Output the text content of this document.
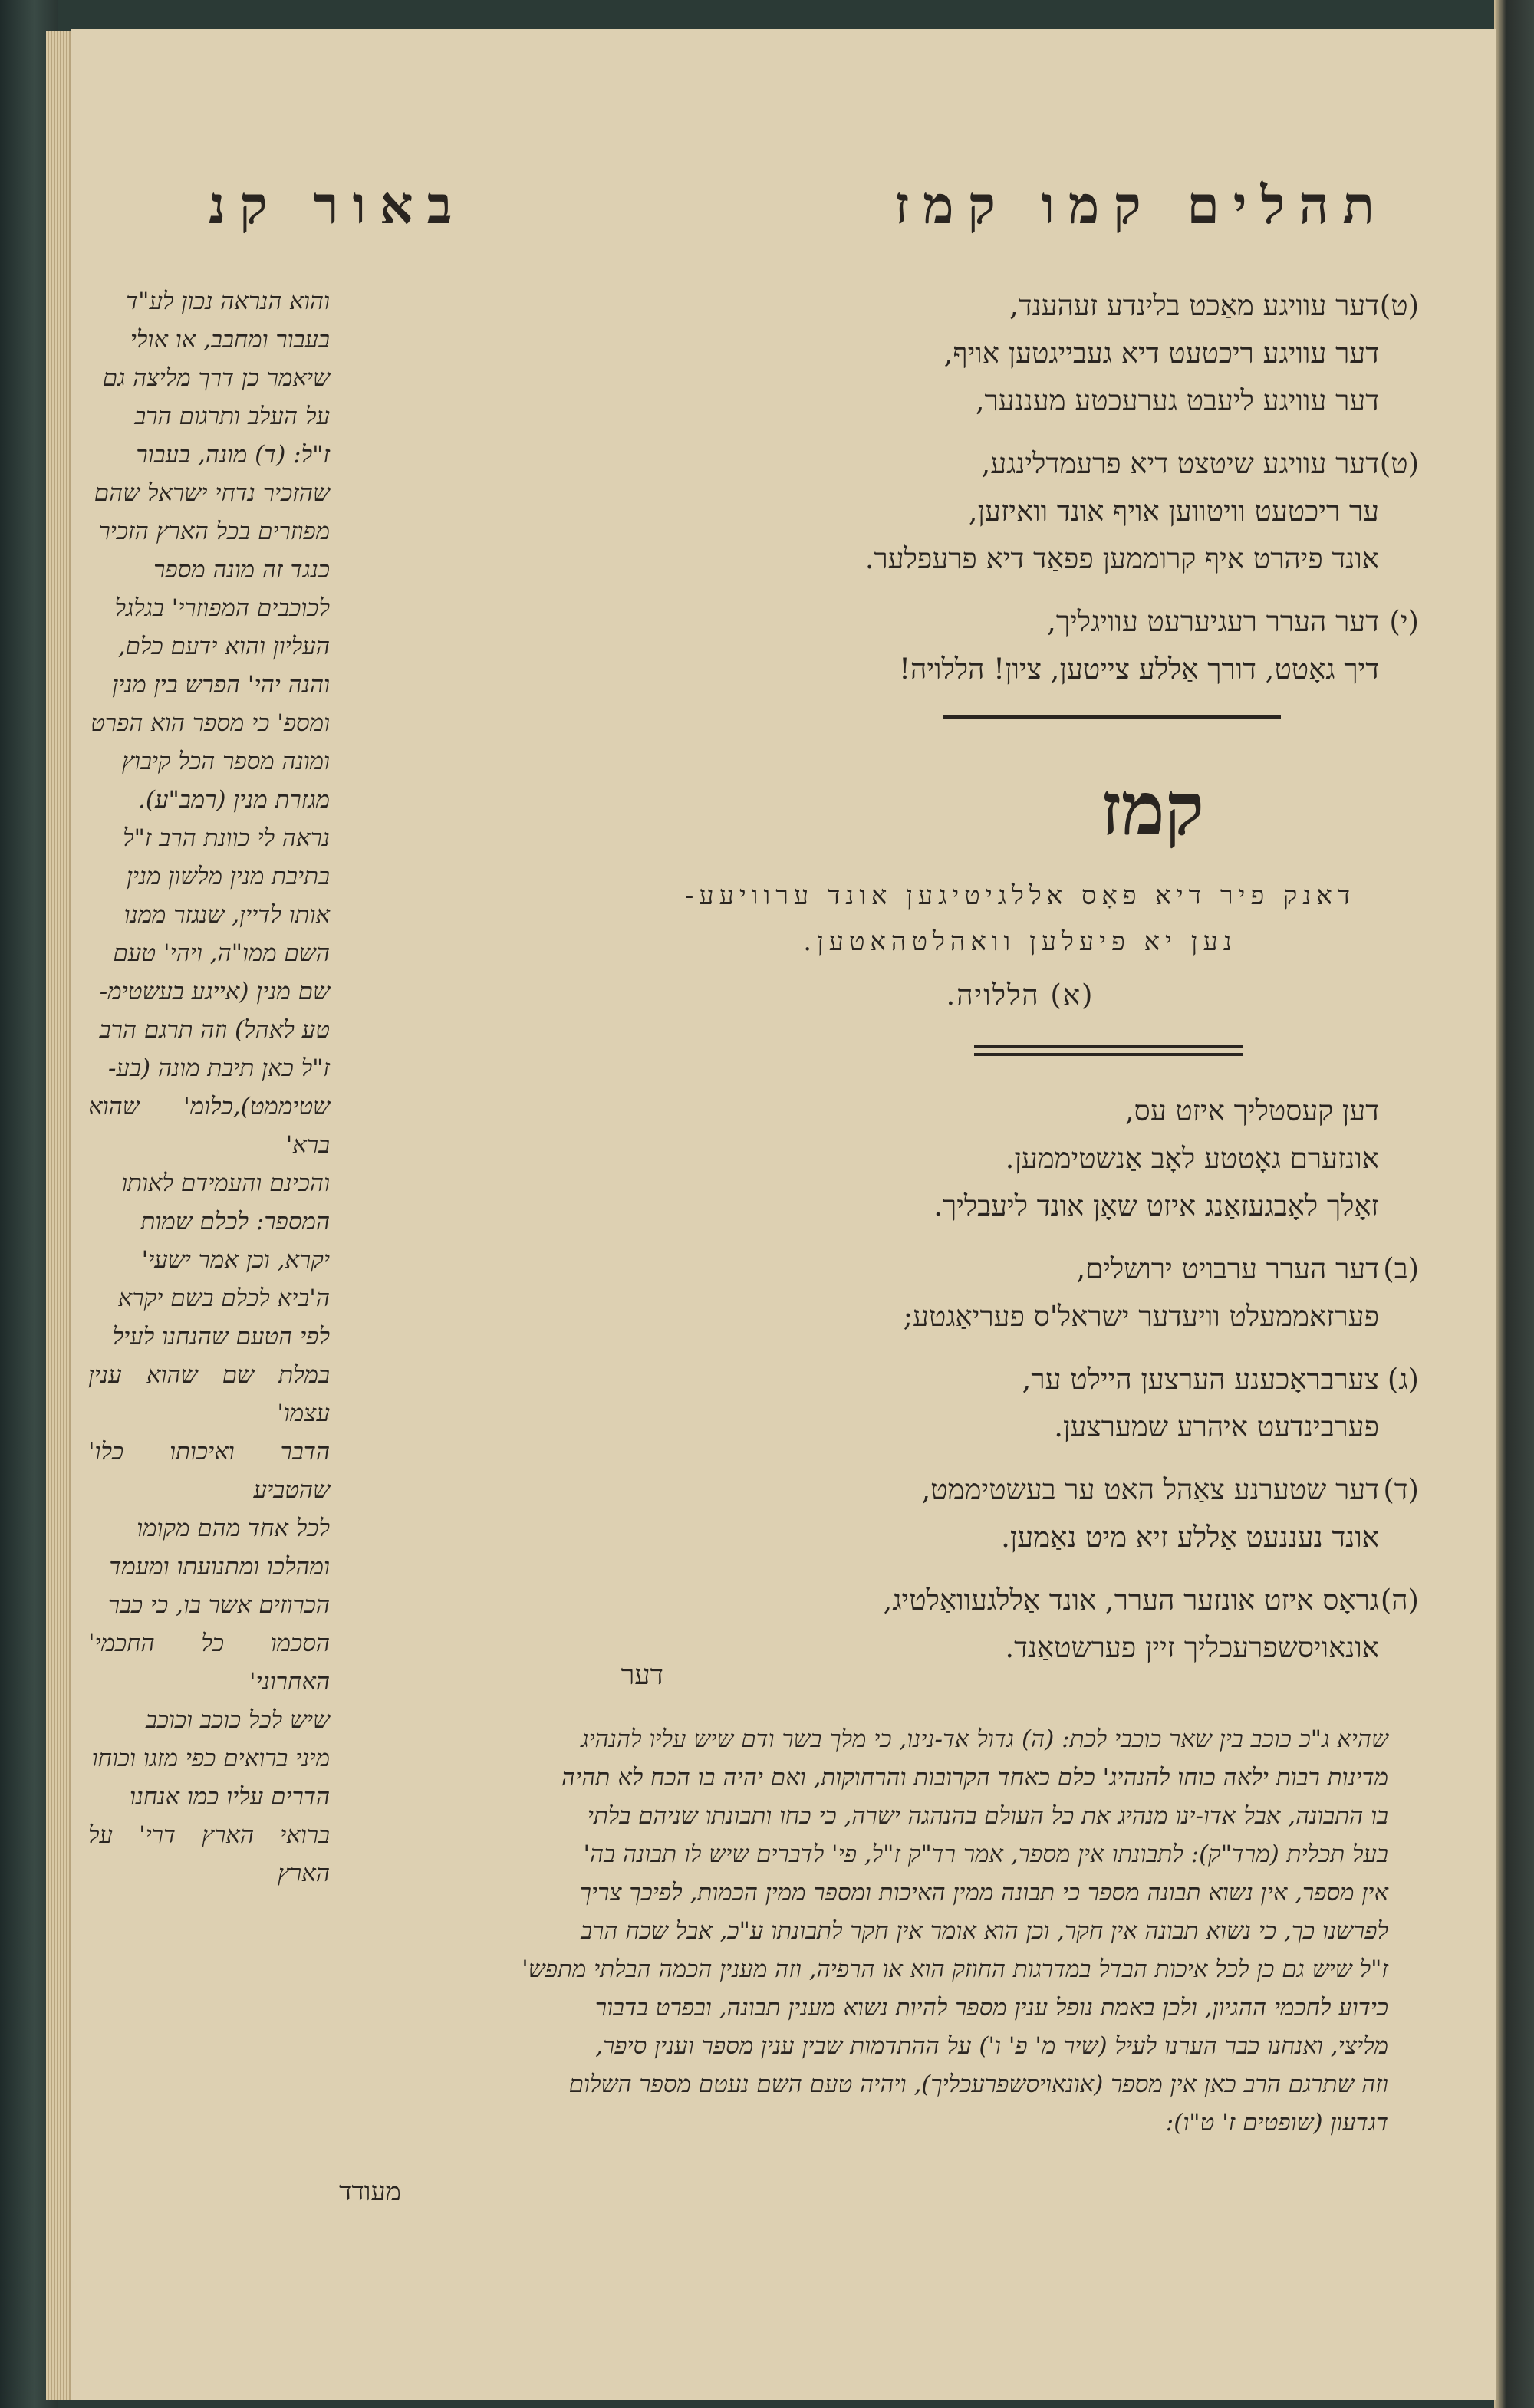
תהלים קמו קמז
באור קנ

(ט)דער עוויגע מאַכט בלינדע זעהענד,

דער עוויגע ריכטעט דיא געבייגטען אויף,

דער עוויגע ליעבט גערעכטע מעננער,

(ט)דער עוויגע שיטצט דיא פרעמדלינגע,

ער ריכטעט וויטווען אויף אונד וואיזען,

אונד פיהרט איף קרוממען פפאַד דיא פרעפלער.

(י)דער הערר רעגיערעט עוויגליך,

דיך גאָטט, דורך אַללע צייטען, ציון! הללויה!

קמז
דאנק פיר דיא פאָס אללגיטיגען אונד ערוויעע-
נען יא פיעלען וואהלטהאטען.
(א) הללויה.

דען קעסטליך איזט עס,

אונזערם גאָטטע לאָב אַנשטיממען.

זאָלך לאָבגעזאַנג איזט שאָן אונד ליעבליך.

(ב)דער הערר ערבויט ירושלים,

פערזאממעלט וויעדער ישראל'ס פעריאַגטע;

(ג)צערבראָכענע הערצען היילט ער,

פערבינדעט איהרע שמערצען.

(ד)דער שטערנע צאַהל האט ער בעשטיממט,

אונד נעננעט אַללע זיא מיט נאַמען.

(ה)גראָס איזט אונזער הערר, אונד אַללגעוואַלטיג,

אונאויסשפרעכליך זיין פערשטאַנד.

דער

והוא הנראה נכון לע"ד

בעבור ומחבב, או אולי

שיאמר כן דרך מליצה גם

על העלב ותרגום הרב

ז"ל: (ד) מונה, בעבור

שהזכיר נדחי ישראל שהם

מפוזרים בכל הארץ הזכיר

כנגד זה מונה מספר

לכוכבים המפוזרי' בגלגל

העליון והוא ידעם כלם,

והנה יהי' הפרש בין מנין

ומספ' כי מספר הוא הפרט

ומונה מספר הכל קיבוץ

מגזרת מנין (רמב"ע).

נראה לי כוונת הרב ז"ל

בתיבת מנין מלשון מנין

אותו לדיין, שנגזר ממנו

השם ממו"ה, ויהי' טעם

שם מנין (אייגע בעשטימ-

טע לאהל) וזה תרגם הרב

ז"ל כאן תיבת מונה (בע-

שטיממט),כלומ' שהוא ברא'

והכינם והעמידם לאותו

המספר: לכלם שמות

יקרא, וכן אמר ישעי'

ה'ביא לכלם בשם יקרא

לפי הטעם שהנחנו לעיל

במלת שם שהוא ענין עצמו'

הדבר ואיכותו כלו' שהטביע

לכל אחד מהם מקומו

ומהלכו ומתנועתו ומעמד

הכרוזים אשר בו, כי כבר

הסכמו כל החכמי' האחרוני'

שיש לכל כוכב וכוכב

מיני ברואים כפי מזגו וכוחו

הדרים עליו כמו אנחנו

ברואי הארץ דרי' על הארץ

שהיא ג"כ כוכב בין שאר כוכבי לכת: (ה) גדול אד-נינו, כי מלך בשר ודם שיש עליו להנהיג

מדינות רבות ילאה כוחו להנהיג' כלם כאחד הקרובות והרחוקות, ואם יהיה בו הכח לא תהיה

בו התבונה, אבל אדו-ינו מנהיג את כל העולם בהנהגה ישרה, כי כחו ותבונתו שניהם בלתי

בעל תכלית (מרד"ק): לתבונתו אין מספר, אמר רד"ק ז"ל, פי' לדברים שיש לו תבונה בה'

אין מספר, אין נשוא תבונה מספר כי תבונה ממין האיכות ומספר ממין הכמות, לפיכך צריך

לפרשנו כך, כי נשוא תבונה אין חקר, וכן הוא אומר אין חקר לתבונתו ע"כ, אבל שכח הרב

ז"ל שיש גם כן לכל איכות הבדל במדרגות החוזק הוא או הרפיה, וזה מענין הכמה הבלתי מתפש'

כידוע לחכמי ההגיון, ולכן באמת נופל ענין מספר להיות נשוא מענין תבונה, ובפרט בדבור

מליצי, ואנחנו כבר הערנו לעיל (שיר מ' פ' ו') על ההתדמות שבין ענין מספר וענין סיפר,

וזה שתרגם הרב כאן אין מספר (אונאויסשפרעכליך), ויהיה טעם השם נעטם מספר השלום

דגדעון (שופטים ז' ט"ו):

מעודד
